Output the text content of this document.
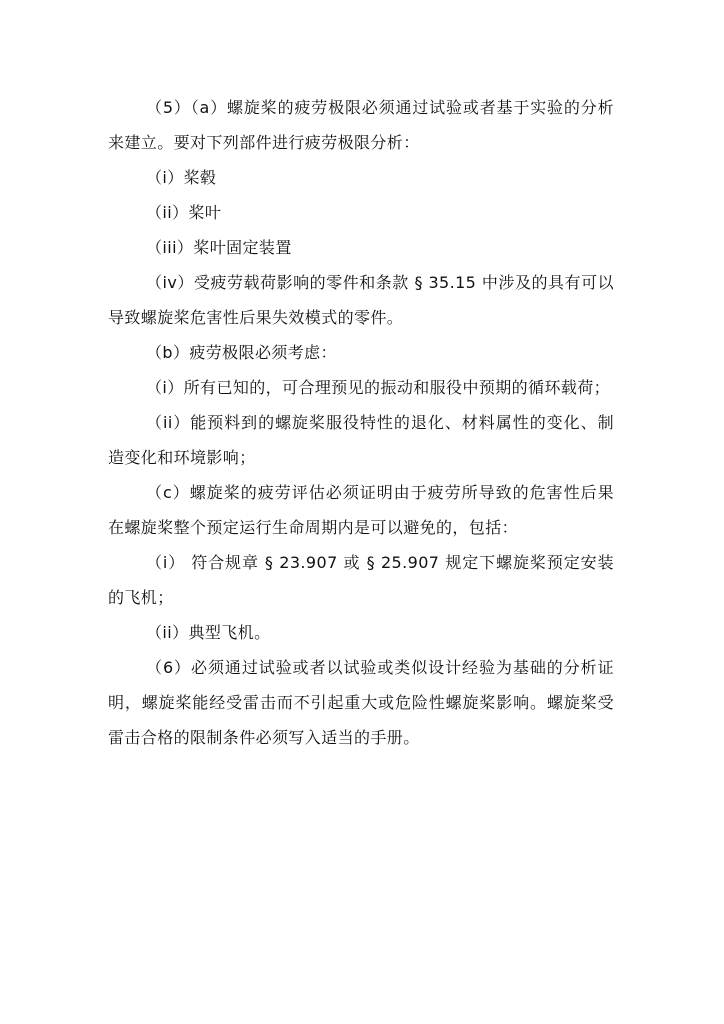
（5）（a）螺旋桨的疲劳极限必须通过试验或者基于实验的分析来建立。要对下列部件进行疲劳极限分析：

（i）桨毂

（ii）桨叶

（iii）桨叶固定装置

（iv）受疲劳载荷影响的零件和条款 § 35.15 中涉及的具有可以导致螺旋桨危害性后果失效模式的零件。

（b）疲劳极限必须考虑：

（i）所有已知的，可合理预见的振动和服役中预期的循环载荷；

（ii）能预料到的螺旋桨服役特性的退化、材料属性的变化、制造变化和环境影响；

（c）螺旋桨的疲劳评估必须证明由于疲劳所导致的危害性后果在螺旋桨整个预定运行生命周期内是可以避免的，包括：

（i） 符合规章 § 23.907 或 § 25.907 规定下螺旋桨预定安装的飞机；

（ii）典型飞机。

（6）必须通过试验或者以试验或类似设计经验为基础的分析证明，螺旋桨能经受雷击而不引起重大或危险性螺旋桨影响。螺旋桨受雷击合格的限制条件必须写入适当的手册。
